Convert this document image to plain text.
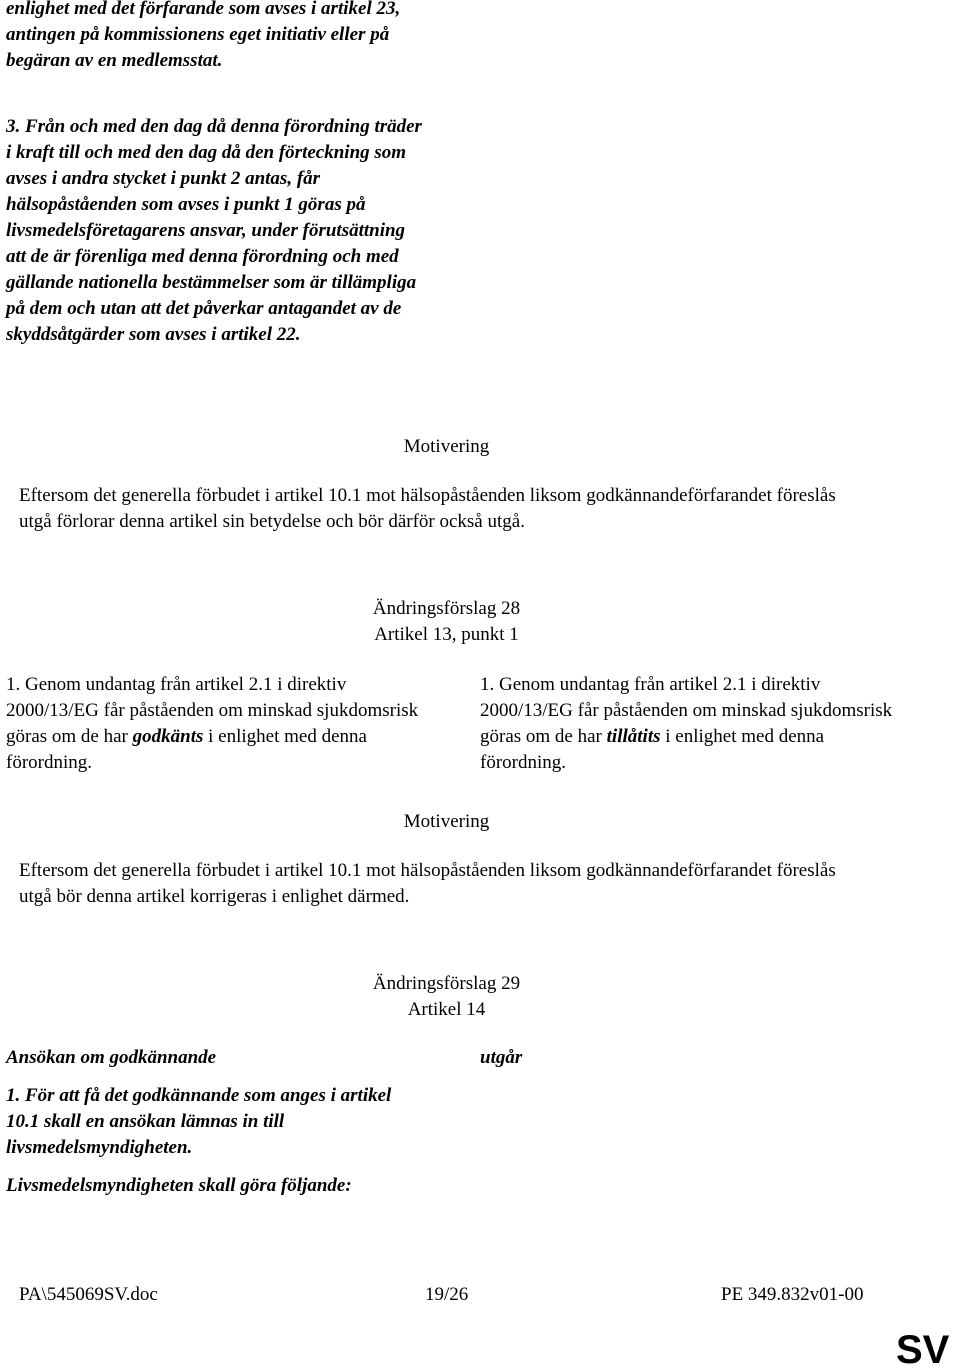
enlighet med det förfarande som avses i artikel 23, antingen på kommissionens eget initiativ eller på begäran av en medlemsstat.

3. Från och med den dag då denna förordning träder i kraft till och med den dag då den förteckning som avses i andra stycket i punkt 2 antas, får hälsopåståenden som avses i punkt 1 göras på livsmedelsföretagarens ansvar, under förutsättning att de är förenliga med denna förordning och med gällande nationella bestämmelser som är tillämpliga på dem och utan att det påverkar antagandet av de skyddsåtgärder som avses i artikel 22.

Motivering

Eftersom det generella förbudet i artikel 10.1 mot hälsopåståenden liksom godkännandeförfarandet föreslås utgå förlorar denna artikel sin betydelse och bör därför också utgå.

Ändringsförslag 28

Artikel 13, punkt 1

1. Genom undantag från artikel 2.1 i direktiv 2000/13/EG får påståenden om minskad sjukdomsrisk göras om de har godkänts i enlighet med denna förordning.

1. Genom undantag från artikel 2.1 i direktiv 2000/13/EG får påståenden om minskad sjukdomsrisk göras om de har tillåtits i enlighet med denna förordning.

Motivering

Eftersom det generella förbudet i artikel 10.1 mot hälsopåståenden liksom godkännandeförfarandet föreslås utgå bör denna artikel korrigeras i enlighet därmed.

Ändringsförslag 29

Artikel 14

Ansökan om godkännande

1. För att få det godkännande som anges i artikel 10.1 skall en ansökan lämnas in till livsmedelsmyndigheten.

Livsmedelsmyndigheten skall göra följande:

utgår

PA\545069SV.doc	19/26	PE 349.832v01-00
SV
